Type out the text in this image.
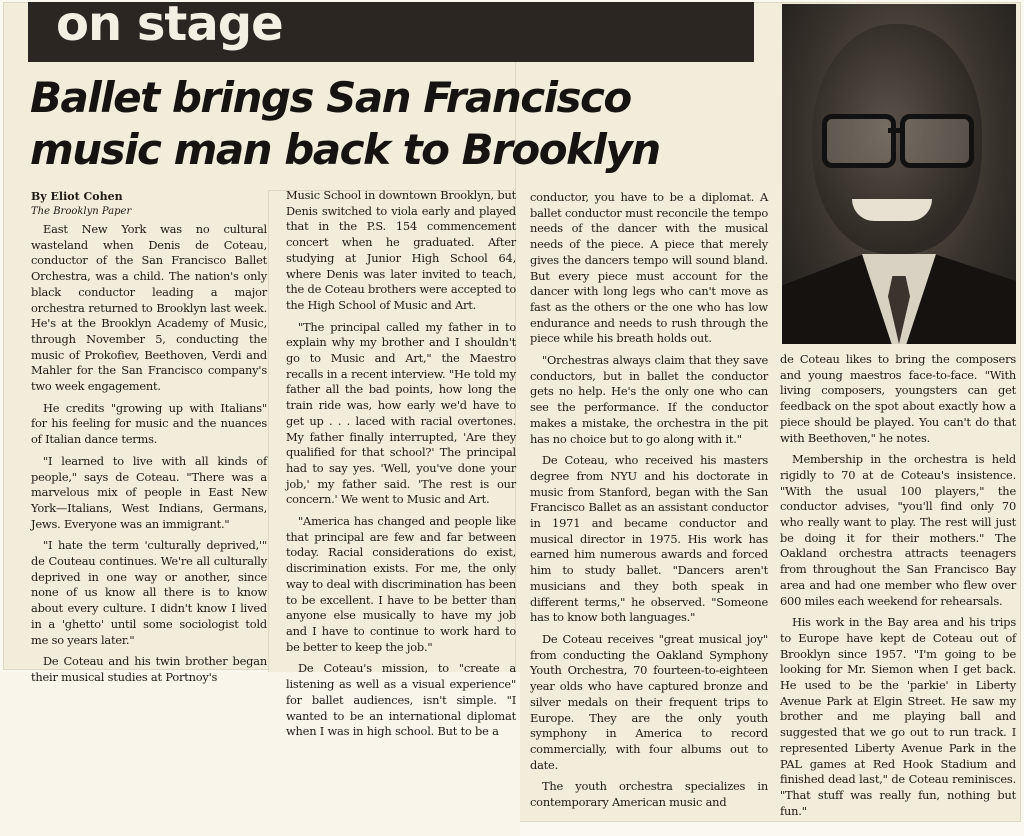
on stage
Ballet brings San Francisco
music man back to Brooklyn
By Eliot Cohen
The Brooklyn Paper

East New York was no cultural wasteland when Denis de Coteau, conductor of the San Francisco Ballet Orchestra, was a child. The nation's only black conductor leading a major orchestra returned to Brooklyn last week. He's at the Brooklyn Academy of Music, through November 5, conducting the music of Prokofiev, Beethoven, Verdi and Mahler for the San Francisco company's two week engagement.

He credits "growing up with Italians" for his feeling for music and the nuances of Italian dance terms.

"I learned to live with all kinds of people," says de Coteau. "There was a marvelous mix of people in East New York—Italians, West Indians, Germans, Jews. Everyone was an immigrant."

"I hate the term 'culturally deprived,'" de Couteau continues. We're all culturally deprived in one way or another, since none of us know all there is to know about every culture. I didn't know I lived in a 'ghetto' until some sociologist told me so years later."

De Coteau and his twin brother began their musical studies at Portnoy's

Music School in downtown Brooklyn, but Denis switched to viola early and played that in the P.S. 154 commencement concert when he graduated. After studying at Junior High School 64, where Denis was later invited to teach, the de Coteau brothers were accepted to the High School of Music and Art.

"The principal called my father in to explain why my brother and I shouldn't go to Music and Art," the Maestro recalls in a recent interview. "He told my father all the bad points, how long the train ride was, how early we'd have to get up . . . laced with racial overtones. My father finally interrupted, 'Are they qualified for that school?' The principal had to say yes. 'Well, you've done your job,' my father said. 'The rest is our concern.' We went to Music and Art.

"America has changed and people like that principal are few and far between today. Racial considerations do exist, discrimination exists. For me, the only way to deal with discrimination has been to be excellent. I have to be better than anyone else musically to have my job and I have to continue to work hard to be better to keep the job."

De Coteau's mission, to "create a listening as well as a visual experience" for ballet audiences, isn't simple. "I wanted to be an international diplomat when I was in high school. But to be a

conductor, you have to be a diplomat. A ballet conductor must reconcile the tempo needs of the dancer with the musical needs of the piece. A piece that merely gives the dancers tempo will sound bland. But every piece must account for the dancer with long legs who can't move as fast as the others or the one who has low endurance and needs to rush through the piece while his breath holds out.

"Orchestras always claim that they save conductors, but in ballet the conductor gets no help. He's the only one who can see the performance. If the conductor makes a mistake, the orchestra in the pit has no choice but to go along with it."

De Coteau, who received his masters degree from NYU and his doctorate in music from Stanford, began with the San Francisco Ballet as an assistant conductor in 1971 and became conductor and musical director in 1975. His work has earned him numerous awards and forced him to study ballet. "Dancers aren't musicians and they both speak in different terms," he observed. "Someone has to know both languages."

De Coteau receives "great musical joy" from conducting the Oakland Symphony Youth Orchestra, 70 fourteen-to-eighteen year olds who have captured bronze and silver medals on their frequent trips to Europe. They are the only youth symphony in America to record commercially, with four albums out to date.

The youth orchestra specializes in contemporary American music and

de Coteau likes to bring the composers and young maestros face-to-face. "With living composers, youngsters can get feedback on the spot about exactly how a piece should be played. You can't do that with Beethoven," he notes.

Membership in the orchestra is held rigidly to 70 at de Coteau's insistence. "With the usual 100 players," the conductor advises, "you'll find only 70 who really want to play. The rest will just be doing it for their mothers." The Oakland orchestra attracts teenagers from throughout the San Francisco Bay area and had one member who flew over 600 miles each weekend for rehearsals.

His work in the Bay area and his trips to Europe have kept de Coteau out of Brooklyn since 1957. "I'm going to be looking for Mr. Siemon when I get back. He used to be the 'parkie' in Liberty Avenue Park at Elgin Street. He saw my brother and me playing ball and suggested that we go out to run track. I represented Liberty Avenue Park in the PAL games at Red Hook Stadium and finished dead last," de Coteau reminisces. "That stuff was really fun, nothing but fun."
